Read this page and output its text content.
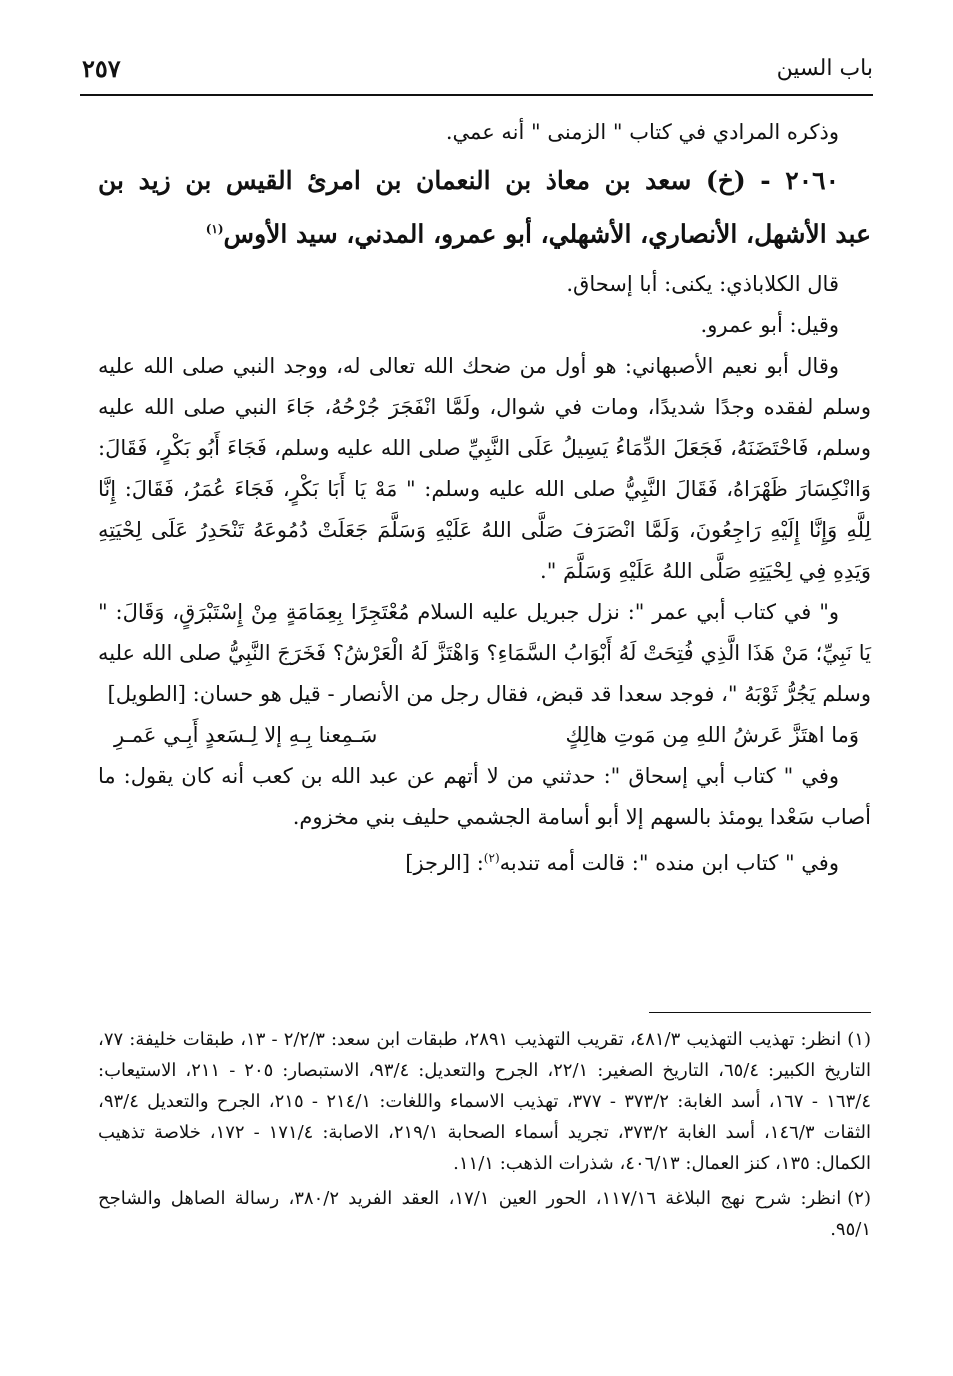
باب السين
٢٥٧

وذكره المرادي في كتاب " الزمنى " أنه عمي.

٢٠٦٠ - (خ) سعد بن معاذ بن النعمان بن امرئ القيس بن زيد بن
عبد الأشهل، الأنصاري، الأشهلي، أبو عمرو، المدني، سيد الأوس$^{(١)}$

قال الكلاباذي: يكنى: أبا إسحاق.

وقيل: أبو عمرو.

وقال أبو نعيم الأصبهاني: هو أول من ضحك الله تعالى له، ووجد النبي صلى الله عليه وسلم لفقده وجدًا شديدًا، ومات في شوال، ولَمَّا انْفَجَرَ جُرْحُهُ، جَاءَ النبي صلى الله عليه وسلم، فَاحْتَضَنَهُ، فَجَعَلَ الدِّمَاءُ يَسِيلُ عَلَى النَّبِيِّ صلى الله عليه وسلم، فَجَاءَ أَبُو بَكْرٍ، فَقَالَ: وَاانْكِسَارَ ظَهْرَاهُ، فَقَالَ النَّبِيُّ صلى الله عليه وسلم: " مَهْ يَا أَبَا بَكْرٍ، فَجَاءَ عُمَرُ، فَقَالَ: إِنَّا لِلَّهِ وَإِنَّا إِلَيْهِ رَاجِعُونَ، وَلَمَّا انْصَرَفَ صَلَّى اللهُ عَلَيْهِ وَسَلَّمَ جَعَلَتْ دُمُوعَهُ تَنْحَدِرُ عَلَى لِحْيَتِهِ وَيَدِهِ فِي لِحْيَتِهِ صَلَّى اللهُ عَلَيْهِ وَسَلَّمَ ".

و" في كتاب أبي عمر ": نزل جبريل عليه السلام مُعْتَجِرًا بِعِمَامَةٍ مِنْ إِسْتَبْرَقٍ، وَقَالَ: " يَا نَبِيِّ؛ مَنْ هَذَا الَّذِي فُتِحَتْ لَهُ أَبْوَابُ السَّمَاءِ؟ وَاهْتَزَّ لَهُ الْعَرْشُ؟ فَخَرَجَ النَّبِيُّ صلى الله عليه وسلم يَجُرُّ ثَوْبَهُ "، فوجد سعدا قد قبض، فقال رجل من الأنصار - قيل هو حسان: [الطويل]

وَما اهتَزَّ عَرشُ اللهِ مِن مَوتِ هالِكٍ
سَـمِعنا بِـهِ إلا لِـسَعدٍ أَبِـي عَمـرِ

وفي " كتاب أبي إسحاق ": حدثني من لا أتهم عن عبد الله بن كعب أنه كان يقول: ما أصاب سَعْدا يومئذ بالسهم إلا أبو أسامة الجشمي حليف بني مخزوم.

وفي " كتاب ابن منده ": قالت أمه تندبه$^{(٢)}$: [الرجز]

(١)انظر: تهذيب التهذيب ٤٨١/٣، تقريب التهذيب ٢٨٩١، طبقات ابن سعد: ٢/٢/٣ - ١٣، طبقات خليفة: ٧٧، التاريخ الكبير: ٦٥/٤، التاريخ الصغير: ٢٢/١، الجرح والتعديل: ٩٣/٤، الاستبصار: ٢٠٥ - ٢١١، الاستيعاب: ١٦٣/٤ - ١٦٧، أسد الغابة: ٣٧٣/٢ - ٣٧٧، تهذيب الاسماء واللغات: ٢١٤/١ - ٢١٥، الجرح والتعديل ٩٣/٤، الثقات ١٤٦/٣، أسد الغابة ٣٧٣/٢، تجريد أسماء الصحابة ٢١٩/١، الاصابة: ١٧١/٤ - ١٧٢، خلاصة تذهيب الكمال: ١٣٥، كنز العمال: ٤٠٦/١٣، شذرات الذهب: ١١/١.

(٢)انظر: شرح نهج البلاغة ١١٧/١٦، الحور العين ١٧/١، العقد الفريد ٣٨٠/٢، رسالة الصاهل والشاجح ٩٥/١.
